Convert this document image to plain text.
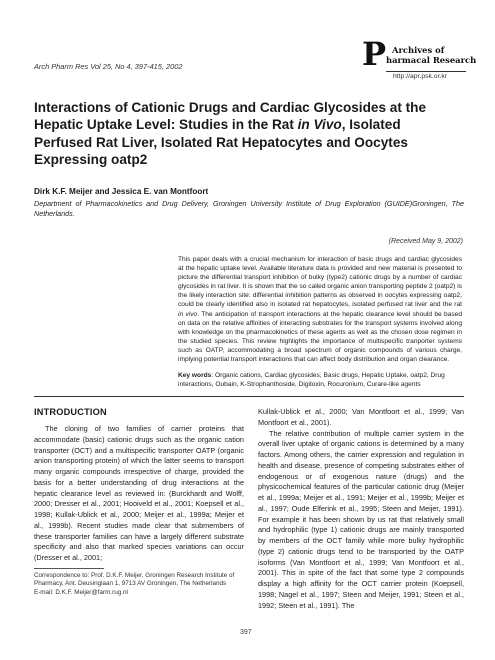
Arch Pharm Res Vol 25, No 4, 397-415, 2002	P Archives of
harmacal Research
http://apr.psk.or.kr
Interactions of Cationic Drugs and Cardiac Glycosides at the Hepatic Uptake Level: Studies in the Rat in Vivo, Isolated Perfused Rat Liver, Isolated Rat Hepatocytes and Oocytes Expressing oatp2
Dirk K.F. Meijer and Jessica E. van Montfoort
Department of Pharmacokinetics and Drug Delivery, Groningen University Institute of Drug Exploration (GUIDE)Groningen, The Netherlands.
(Received May 9, 2002)

This paper deals with a crucial mechanism for interaction of basic drugs and cardiac glycosides at the hepatic uptake level. Available literature data is provided and new material is presented to picture the differential transport inhibition of bulky (type2) cationic drugs by a number of cardiac glycosides in rat liver. It is shown that the so called organic anion transporting peptide 2 (oatp2) is the likely interaction site: differential inhibition patterns as observed in oocytes expressing oatp2, could be clearly identified also in isolated rat hepatocytes, isolated perfused rat liver and the rat in vivo. The anticipation of transport interactions at the hepatic clearance level should be based on data on the relative affinities of interacting substrates for the transport systems involved along with knowledge on the pharmacokinetics of these agents as well as the chosen dose regimen in the studied species. This review highlights the importance of multispecific tranporter systems such as OATP, accommodating a broad spectrum of organic compounds of various charge, implying potential transport interactions that can affect body distribution and organ clearance.

Key words: Organic cations, Cardiac glycosides, Basic drugs, Hepatic Uptake, oatp2, Drug interactions, Oubain, K-Strophanthoside, Digitoxin, Rocuronium, Curare-like agents
INTRODUCTION

The cloning of two families of carrier proteins that accommodate (basic) cationic drugs such as the organic cation transporter (OCT) and a multispecific transporter OATP (organic anion transporting protein) of which the latter seems to transport many organic compounds irrespective of charge, provided the basis for a better understanding of drug interactions at the hepatic clearance level as reviewed in: (Burckhardt and Wolff, 2000; Dresser et al., 2001; Hooiveld et al., 2001; Koepsell et al., 1998; Kullak-Ublick et al., 2000; Meijer et al., 1999a; Meijer et al., 1999b). Recent studies made clear that submembers of these transporter families can have a largely different substrate specificity and also that marked species variations can occur (Dresser et al., 2001;

Kullak-Ublick et al., 2000; Van Montfoort et al., 1999; Van Montfoort et al., 2001).

The relative contribution of multiple carrier system in the overall liver uptake of organic cations is determined by a many factors. Among others, the carrier expression and regulation in health and disease, presence of competing substrates either of endogenous or of exogenous nature (drugs) and the physicochemical features of the particular cationic drug (Meijer et al., 1999a; Meijer et al., 1991; Meijer et al., 1999b; Meijer et al., 1997; Oude Elferink et al., 1995; Steen and Meijer, 1991). For example it has been shown by us rat that relatively small and hydrophilic (type 1) cationic drugs are mainly transported by members of the OCT family while more bulky hydrophilic (type 2) cationic drugs tend to be transported by the OATP isoforms (Van Montfoort et al., 1999; Van Montfoort et al., 2001). This in spite of the fact that some type 2 compounds display a high affinity for the OCT carrier protein (Koepsell, 1998; Nagel et al., 1997; Steen and Meijer, 1991; Steen et al., 1992; Steen et al., 1991). The

Correspondence to: Prof. D.K.F. Meijer, Groningen Research Institute of Pharmacy, Ant. Deusinglaan 1, 9713 AV Groningen, The Netherlands
E-mail: D.K.F. Meijer@farm.rug.nl
397
